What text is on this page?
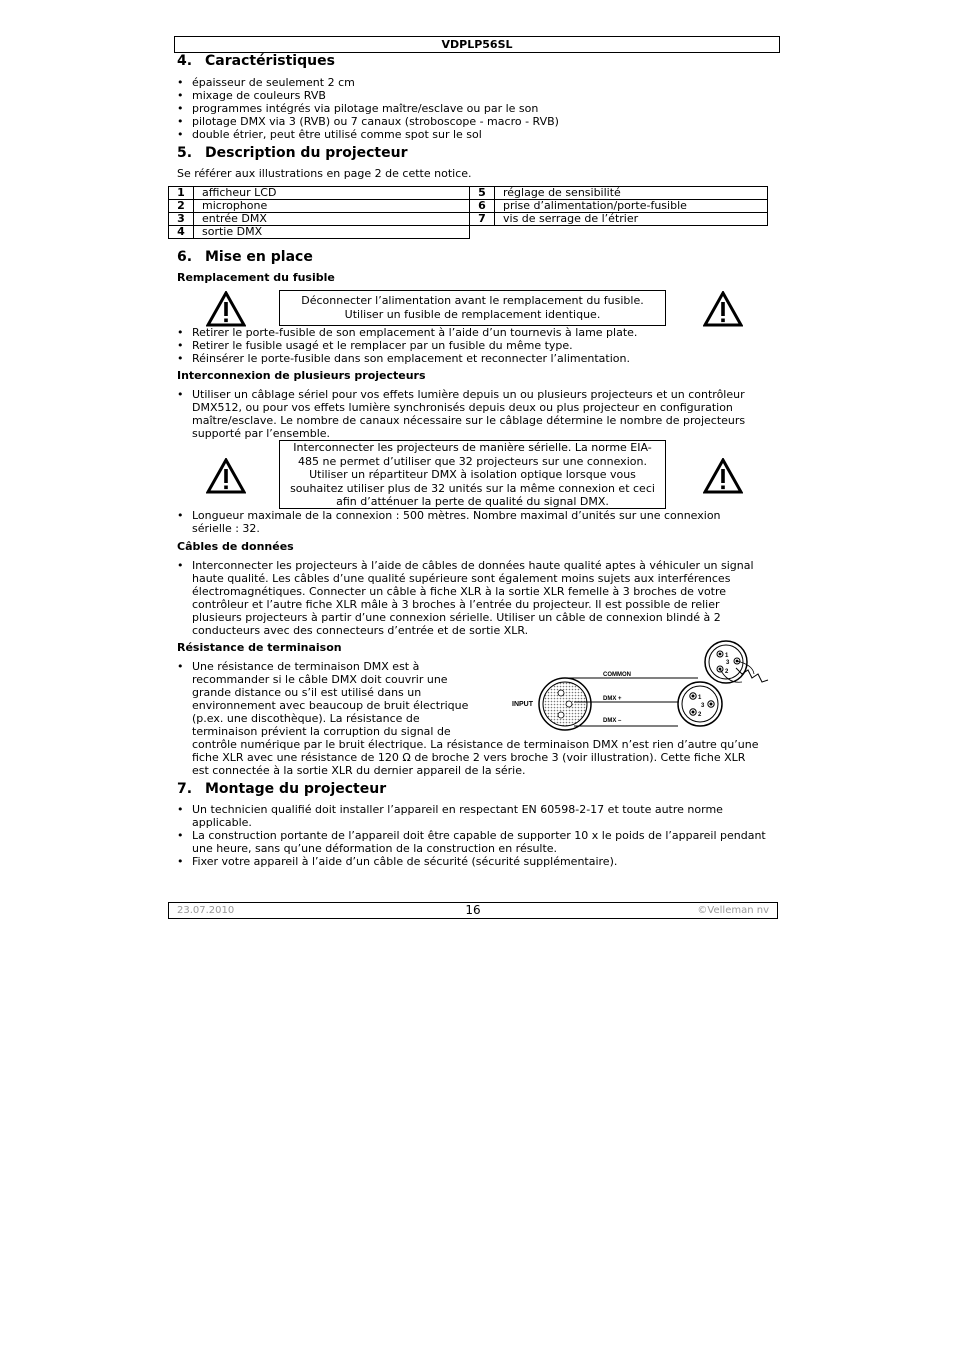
VDPLP56SL
4. Caractéristiques
• épaisseur de seulement 2 cm
• mixage de couleurs RVB
• programmes intégrés via pilotage maître/esclave ou par le son
• pilotage DMX via 3 (RVB) ou 7 canaux (stroboscope - macro - RVB)
• double étrier, peut être utilisé comme spot sur le sol
5. Description du projecteur

Se référer aux illustrations en page 2 de cette notice.

1	afficheur LCD	5	réglage de sensibilité
2	microphone	6	prise d’alimentation/porte-fusible
3	entrée DMX	7	vis de serrage de l’étrier
4	sortie DMX		
6. Mise en place
Remplacement du fusible
Déconnecter l’alimentation avant le remplacement du fusible.
Utiliser un fusible de remplacement identique.
• Retirer le porte-fusible de son emplacement à l’aide d’un tournevis à lame plate.
• Retirer le fusible usagé et le remplacer par un fusible du même type.
• Réinsérer le porte-fusible dans son emplacement et reconnecter l’alimentation.
Interconnexion de plusieurs projecteurs
• Utiliser un câblage sériel pour vos effets lumière depuis un ou plusieurs projecteurs et un contrôleur
DMX512, ou pour vos effets lumière synchronisés depuis deux ou plus projecteur en configuration
maître/esclave. Le nombre de canaux nécessaire sur le câblage détermine le nombre de projecteurs
supporté par l’ensemble.
Interconnecter les projecteurs de manière sérielle. La norme EIA-
485 ne permet d’utiliser que 32 projecteurs sur une connexion.
Utiliser un répartiteur DMX à isolation optique lorsque vous
souhaitez utiliser plus de 32 unités sur la même connexion et ceci
afin d’atténuer la perte de qualité du signal DMX.
• Longueur maximale de la connexion : 500 mètres. Nombre maximal d’unités sur une connexion
sérielle : 32.
Câbles de données
• Interconnecter les projecteurs à l’aide de câbles de données haute qualité aptes à véhiculer un signal
haute qualité. Les câbles d’une qualité supérieure sont également moins sujets aux interférences
électromagnétiques. Connecter un câble à fiche XLR à la sortie XLR femelle à 3 broches de votre
contrôleur et l’autre fiche XLR mâle à 3 broches à l’entrée du projecteur. Il est possible de relier
plusieurs projecteurs à partir d’une connexion sérielle. Utiliser un câble de connexion blindé à 2
conducteurs avec des connecteurs d’entrée et de sortie XLR.
Résistance de terminaison
• Une résistance de terminaison DMX est à
recommander si le câble DMX doit couvrir une
grande distance ou s’il est utilisé dans un
environnement avec beaucoup de bruit électrique
(p.ex. une discothèque). La résistance de
terminaison prévient la corruption du signal de
contrôle numérique par le bruit électrique. La résistance de terminaison DMX n’est rien d’autre qu’une
fiche XLR avec une résistance de 120 Ω de broche 2 vers broche 3 (voir illustration). Cette fiche XLR
est connectée à la sortie XLR du dernier appareil de la série.
INPUT
COMMON
DMX +
DMX –
1
3
2
1
3
2
7. Montage du projecteur
• Un technicien qualifié doit installer l’appareil en respectant EN 60598-2-17 et toute autre norme
applicable.
• La construction portante de l’appareil doit être capable de supporter 10 x le poids de l’appareil pendant
une heure, sans qu’une déformation de la construction en résulte.
• Fixer votre appareil à l’aide d’un câble de sécurité (sécurité supplémentaire).
16
23.07.2010	©Velleman nv
